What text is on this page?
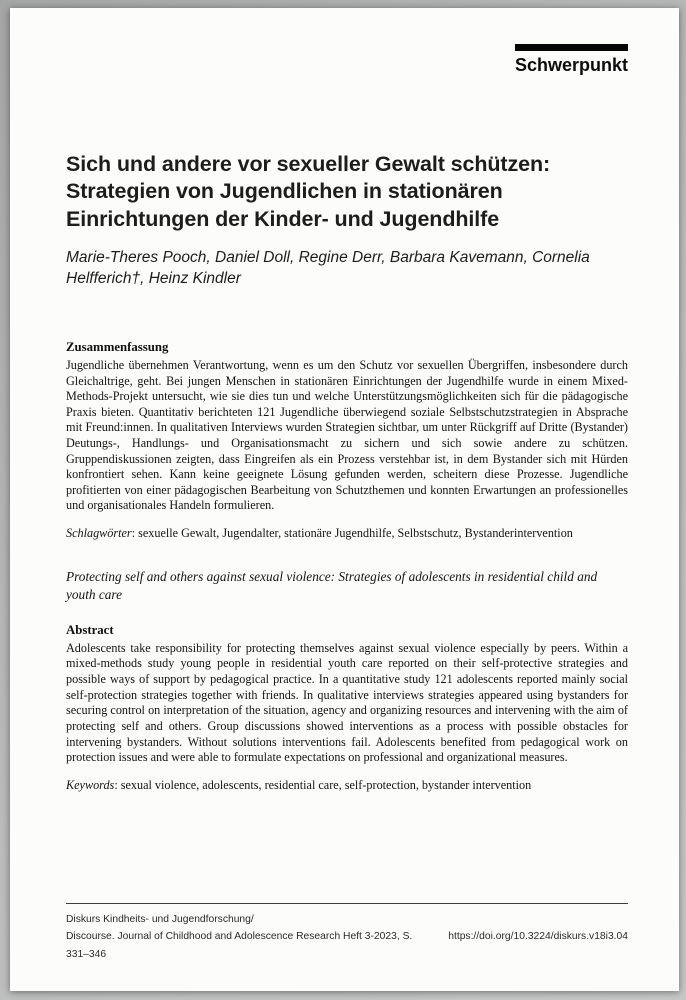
Schwerpunkt
Sich und andere vor sexueller Gewalt schützen: Strategien von Jugendlichen in stationären Einrichtungen der Kinder- und Jugendhilfe

Marie-Theres Pooch, Daniel Doll, Regine Derr, Barbara Kavemann, Cornelia Helfferich†, Heinz Kindler

Zusammenfassung

Jugendliche übernehmen Verantwortung, wenn es um den Schutz vor sexuellen Übergriffen, insbesondere durch Gleichaltrige, geht. Bei jungen Menschen in stationären Einrichtungen der Jugendhilfe wurde in einem Mixed-Methods-Projekt untersucht, wie sie dies tun und welche Unterstützungsmöglichkeiten sich für die pädagogische Praxis bieten. Quantitativ berichteten 121 Jugendliche überwiegend soziale Selbstschutzstrategien in Absprache mit Freund:innen. In qualitativen Interviews wurden Strategien sichtbar, um unter Rückgriff auf Dritte (Bystander) Deutungs-, Handlungs- und Organisationsmacht zu sichern und sich sowie andere zu schützen. Gruppendiskussionen zeigten, dass Eingreifen als ein Prozess verstehbar ist, in dem Bystander sich mit Hürden konfrontiert sehen. Kann keine geeignete Lösung gefunden werden, scheitern diese Prozesse. Jugendliche profitierten von einer pädagogischen Bearbeitung von Schutzthemen und konnten Erwartungen an professionelles und organisationales Handeln formulieren.

Schlagwörter: sexuelle Gewalt, Jugendalter, stationäre Jugendhilfe, Selbstschutz, Bystanderintervention

Protecting self and others against sexual violence: Strategies of adolescents in residential child and youth care

Abstract

Adolescents take responsibility for protecting themselves against sexual violence especially by peers. Within a mixed-methods study young people in residential youth care reported on their self-protective strategies and possible ways of support by pedagogical practice. In a quantitative study 121 adolescents reported mainly social self-protection strategies together with friends. In qualitative interviews strategies appeared using bystanders for securing control on interpretation of the situation, agency and organizing resources and intervening with the aim of protecting self and others. Group discussions showed interventions as a process with possible obstacles for intervening bystanders. Without solutions interventions fail. Adolescents benefited from pedagogical work on protection issues and were able to formulate expectations on professional and organizational measures.

Keywords: sexual violence, adolescents, residential care, self-protection, bystander intervention

Diskurs Kindheits- und Jugendforschung/
Discourse. Journal of Childhood and Adolescence Research Heft 3-2023, S. 331–346
https://doi.org/10.3224/diskurs.v18i3.04
